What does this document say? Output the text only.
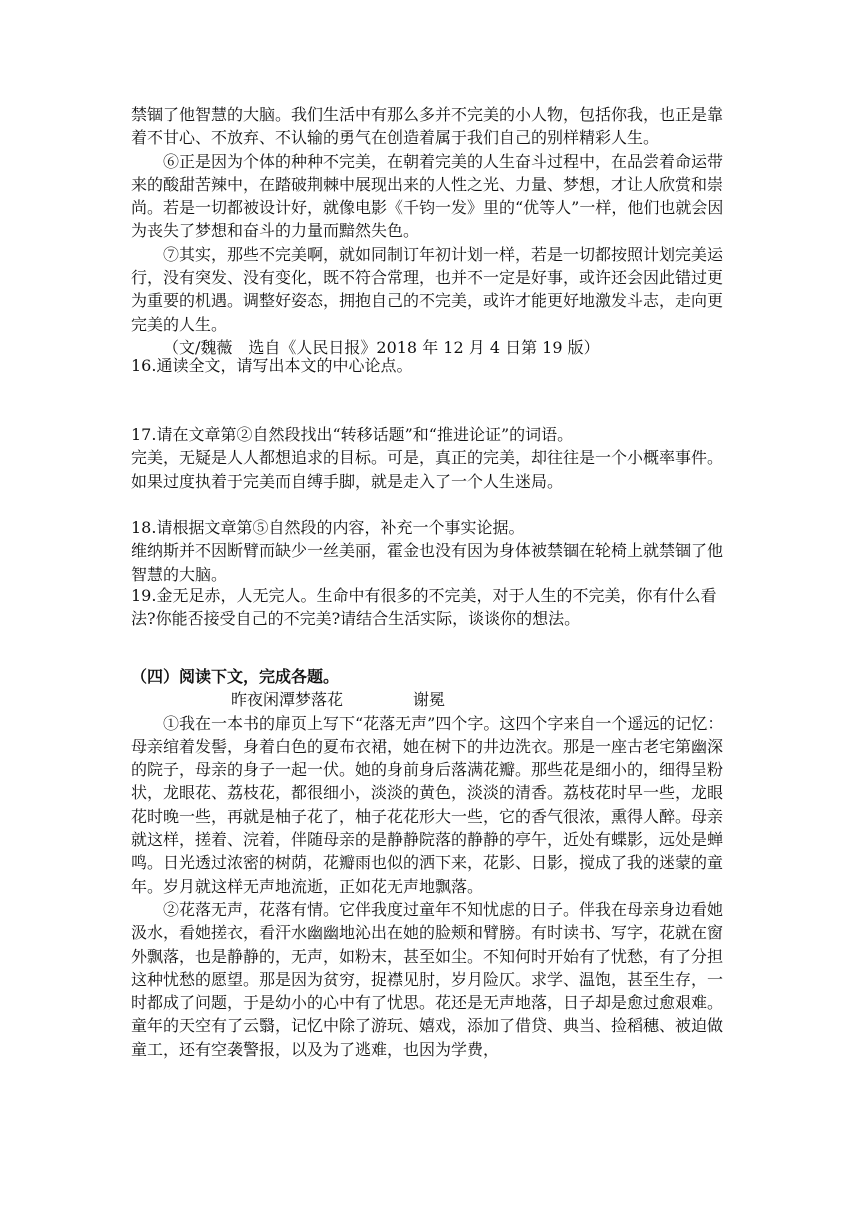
禁锢了他智慧的大脑。我们生活中有那么多并不完美的小人物，包括你我，也正是靠着不甘心、不放弃、不认输的勇气在创造着属于我们自己的别样精彩人生。

⑥正是因为个体的种种不完美，在朝着完美的人生奋斗过程中，在品尝着命运带来的酸甜苦辣中，在踏破荆棘中展现出来的人性之光、力量、梦想，才让人欣赏和崇尚。若是一切都被设计好，就像电影《千钧一发》里的“优等人”一样，他们也就会因为丧失了梦想和奋斗的力量而黯然失色。

⑦其实，那些不完美啊，就如同制订年初计划一样，若是一切都按照计划完美运行，没有突发、没有变化，既不符合常理，也并不一定是好事，或许还会因此错过更为重要的机遇。调整好姿态，拥抱自己的不完美，或许才能更好地激发斗志，走向更完美的人生。

（文/魏薇　选自《人民日报》2018 年 12 月 4 日第 19 版）

16.通读全文，请写出本文的中心论点。

17.请在文章第②自然段找出“转移话题”和“推进论证”的词语。

完美，无疑是人人都想追求的目标。可是，真正的完美，却往往是一个小概率事件。如果过度执着于完美而自缚手脚，就是走入了一个人生迷局。

18.请根据文章第⑤自然段的内容，补充一个事实论据。

维纳斯并不因断臂而缺少一丝美丽，霍金也没有因为身体被禁锢在轮椅上就禁锢了他智慧的大脑。

19.金无足赤，人无完人。生命中有很多的不完美，对于人生的不完美，你有什么看法?你能否接受自己的不完美?请结合生活实际，谈谈你的想法。

（四）阅读下文，完成各题。

昨夜闲潭梦落花	谢冕

①我在一本书的扉页上写下“花落无声”四个字。这四个字来自一个遥远的记忆：母亲绾着发髻，身着白色的夏布衣裙，她在树下的井边洗衣。那是一座古老宅第幽深的院子，母亲的身子一起一伏。她的身前身后落满花瓣。那些花是细小的，细得呈粉状，龙眼花、荔枝花，都很细小，淡淡的黄色，淡淡的清香。荔枝花时早一些，龙眼花时晚一些，再就是柚子花了，柚子花花形大一些，它的香气很浓，熏得人醉。母亲就这样，搓着、浣着，伴随母亲的是静静院落的静静的亭午，近处有蝶影，远处是蝉鸣。日光透过浓密的树荫，花瓣雨也似的洒下来，花影、日影，搅成了我的迷蒙的童年。岁月就这样无声地流逝，正如花无声地飘落。

②花落无声，花落有情。它伴我度过童年不知忧虑的日子。伴我在母亲身边看她汲水，看她搓衣，看汗水幽幽地沁出在她的脸颊和臂膀。有时读书、写字，花就在窗外飘落，也是静静的，无声，如粉末，甚至如尘。不知何时开始有了忧愁，有了分担这种忧愁的愿望。那是因为贫穷，捉襟见肘，岁月险仄。求学、温饱，甚至生存，一时都成了问题，于是幼小的心中有了忧思。花还是无声地落，日子却是愈过愈艰难。童年的天空有了云翳，记忆中除了游玩、嬉戏，添加了借贷、典当、捡稻穗、被迫做童工，还有空袭警报，以及为了逃难，也因为学费，
